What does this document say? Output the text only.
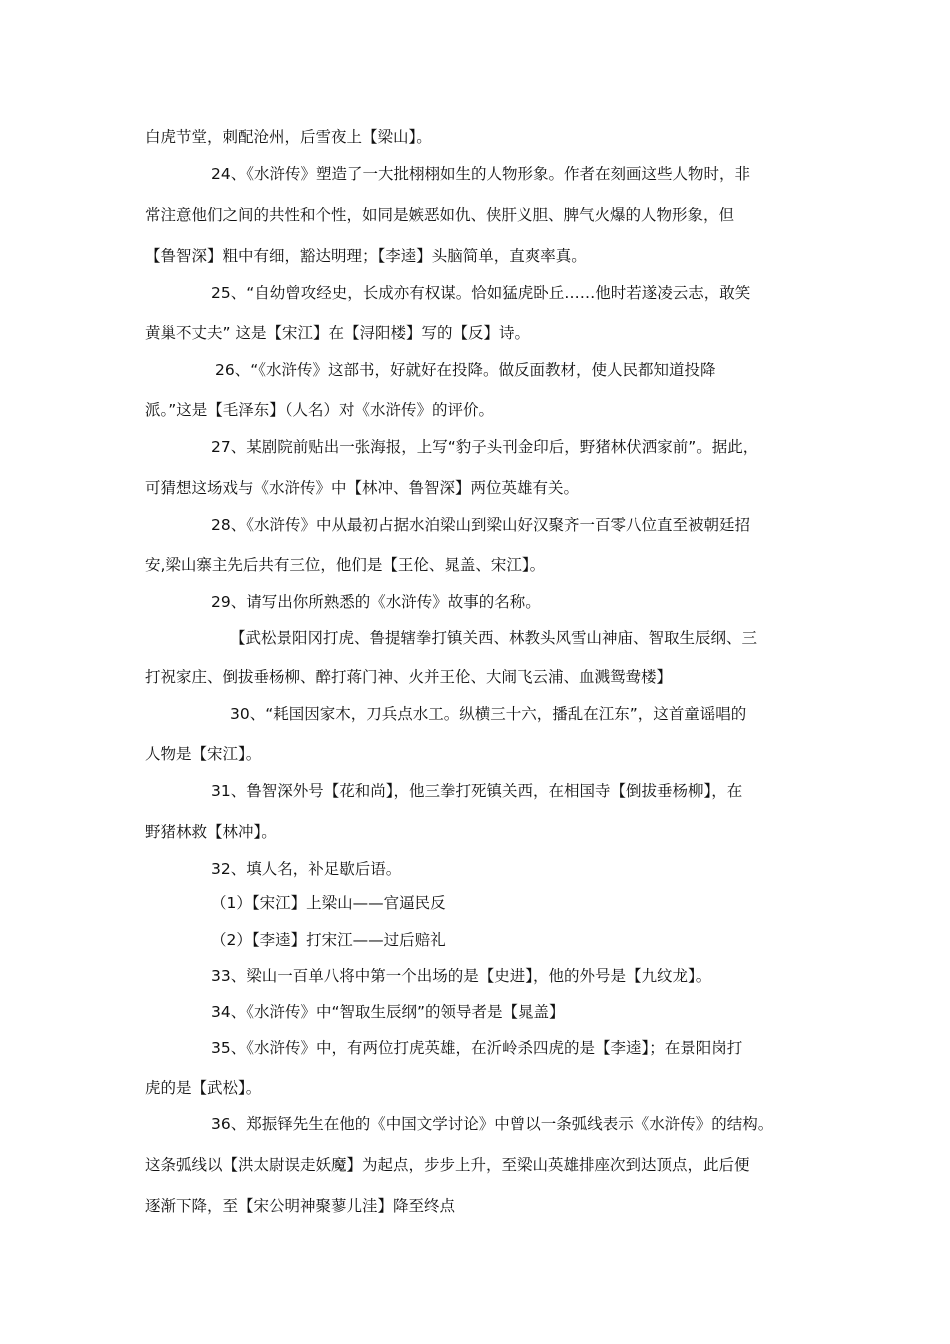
白虎节堂，刺配沧州，后雪夜上【梁山】。
24、《水浒传》塑造了一大批栩栩如生的人物形象。作者在刻画这些人物时，非
常注意他们之间的共性和个性，如同是嫉恶如仇、侠肝义胆、脾气火爆的人物形象，但
【鲁智深】粗中有细，豁达明理；【李逵】头脑简单，直爽率真。
25、“自幼曾攻经史，长成亦有权谋。恰如猛虎卧丘……他时若遂凌云志，敢笑
黄巢不丈夫” 这是【宋江】在【浔阳楼】写的【反】诗。
26、“《水浒传》这部书，好就好在投降。做反面教材，使人民都知道投降
派。”这是【毛泽东】（人名）对《水浒传》的评价。
27、某剧院前贴出一张海报，上写“豹子头刊金印后，野猪林伏洒家前”。据此，
可猜想这场戏与《水浒传》中【林冲、鲁智深】两位英雄有关。
28、《水浒传》中从最初占据水泊梁山到梁山好汉聚齐一百零八位直至被朝廷招
安,梁山寨主先后共有三位，他们是【王伦、晁盖、宋江】。
29、请写出你所熟悉的《水浒传》故事的名称。
【武松景阳冈打虎、鲁提辖拳打镇关西、林教头风雪山神庙、智取生辰纲、三
打祝家庄、倒拔垂杨柳、醉打蒋门神、火并王伦、大闹飞云浦、血溅鸳鸯楼】
30、“耗国因家木，刀兵点水工。纵横三十六，播乱在江东”，这首童谣唱的
人物是【宋江】。
31、鲁智深外号【花和尚】，他三拳打死镇关西，在相国寺【倒拔垂杨柳】，在
野猪林救【林冲】。
32、填人名，补足歇后语。
（1）【宋江】上梁山——官逼民反
（2）【李逵】打宋江——过后赔礼
33、梁山一百单八将中第一个出场的是【史进】，他的外号是【九纹龙】。
34、《水浒传》中“智取生辰纲”的领导者是【晁盖】
35、《水浒传》中，有两位打虎英雄，在沂岭杀四虎的是【李逵】；在景阳岗打
虎的是【武松】。
36、郑振铎先生在他的《中国文学讨论》中曾以一条弧线表示《水浒传》的结构。
这条弧线以【洪太尉误走妖魔】为起点，步步上升，至梁山英雄排座次到达顶点，此后便
逐渐下降，至【宋公明神聚蓼儿洼】降至终点
